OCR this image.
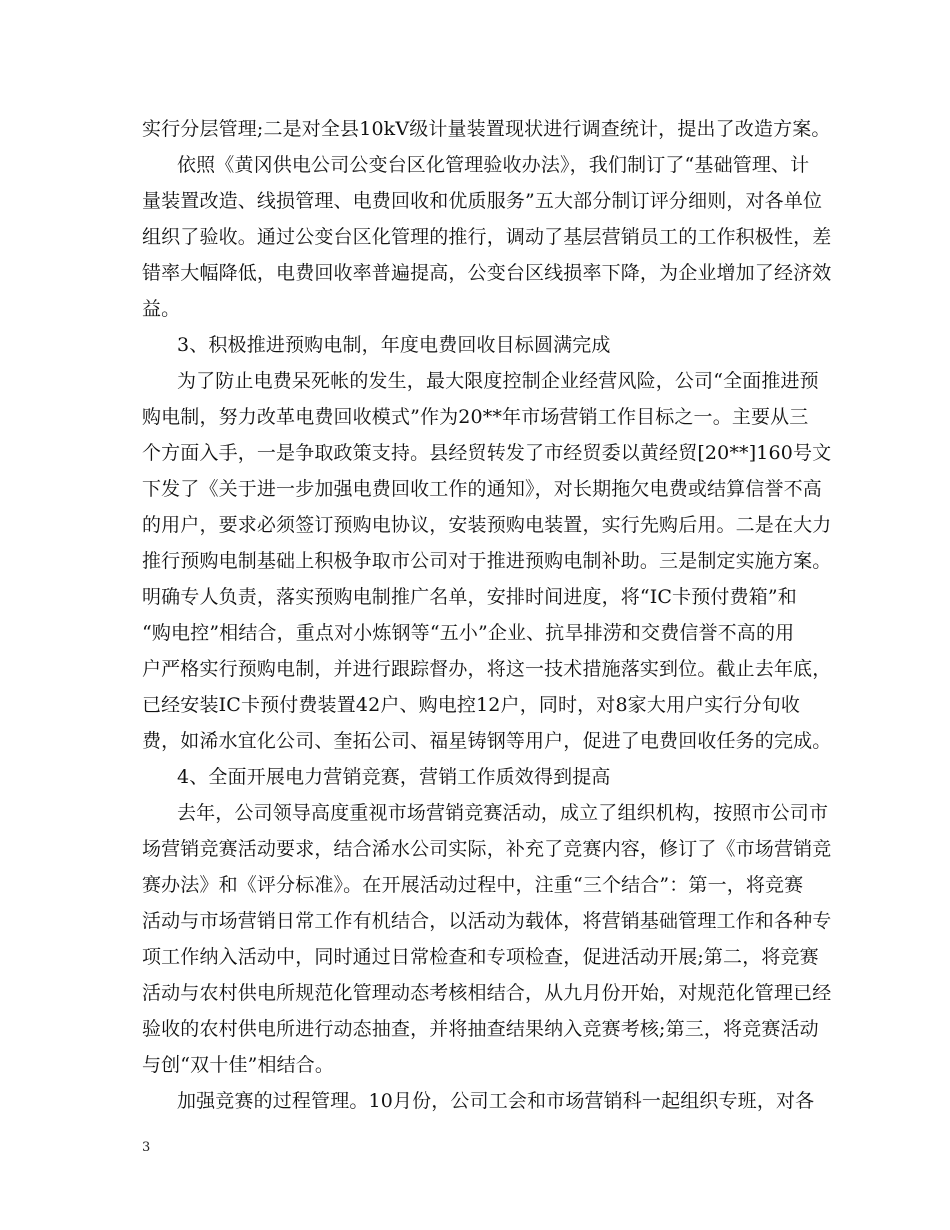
实行分层管理;二是对全县10kV级计量装置现状进行调查统计，提出了改造方案。
依照《黄冈供电公司公变台区化管理验收办法》，我们制订了“基础管理、计
量装置改造、线损管理、电费回收和优质服务”五大部分制订评分细则，对各单位
组织了验收。通过公变台区化管理的推行，调动了基层营销员工的工作积极性，差
错率大幅降低，电费回收率普遍提高，公变台区线损率下降，为企业增加了经济效
益。
3、积极推进预购电制，年度电费回收目标圆满完成
为了防止电费呆死帐的发生，最大限度控制企业经营风险，公司“全面推进预
购电制，努力改革电费回收模式”作为20**年市场营销工作目标之一。主要从三
个方面入手，一是争取政策支持。县经贸转发了市经贸委以黄经贸[20**]160号文
下发了《关于进一步加强电费回收工作的通知》，对长期拖欠电费或结算信誉不高
的用户，要求必须签订预购电协议，安装预购电装置，实行先购后用。二是在大力
推行预购电制基础上积极争取市公司对于推进预购电制补助。三是制定实施方案。
明确专人负责，落实预购电制推广名单，安排时间进度，将“IC卡预付费箱”和
“购电控”相结合，重点对小炼钢等“五小”企业、抗旱排涝和交费信誉不高的用
户严格实行预购电制，并进行跟踪督办，将这一技术措施落实到位。截止去年底，
已经安装IC卡预付费装置42户、购电控12户，同时，对8家大用户实行分旬收
费，如浠水宜化公司、奎拓公司、福星铸钢等用户，促进了电费回收任务的完成。
4、全面开展电力营销竞赛，营销工作质效得到提高
去年，公司领导高度重视市场营销竞赛活动，成立了组织机构，按照市公司市
场营销竞赛活动要求，结合浠水公司实际，补充了竞赛内容，修订了《市场营销竞
赛办法》和《评分标准》。在开展活动过程中，注重“三个结合”：第一，将竞赛
活动与市场营销日常工作有机结合，以活动为载体，将营销基础管理工作和各种专
项工作纳入活动中，同时通过日常检查和专项检查，促进活动开展;第二，将竞赛
活动与农村供电所规范化管理动态考核相结合，从九月份开始，对规范化管理已经
验收的农村供电所进行动态抽查，并将抽查结果纳入竞赛考核;第三，将竞赛活动
与创“双十佳”相结合。
加强竞赛的过程管理。10月份，公司工会和市场营销科一起组织专班，对各
3
